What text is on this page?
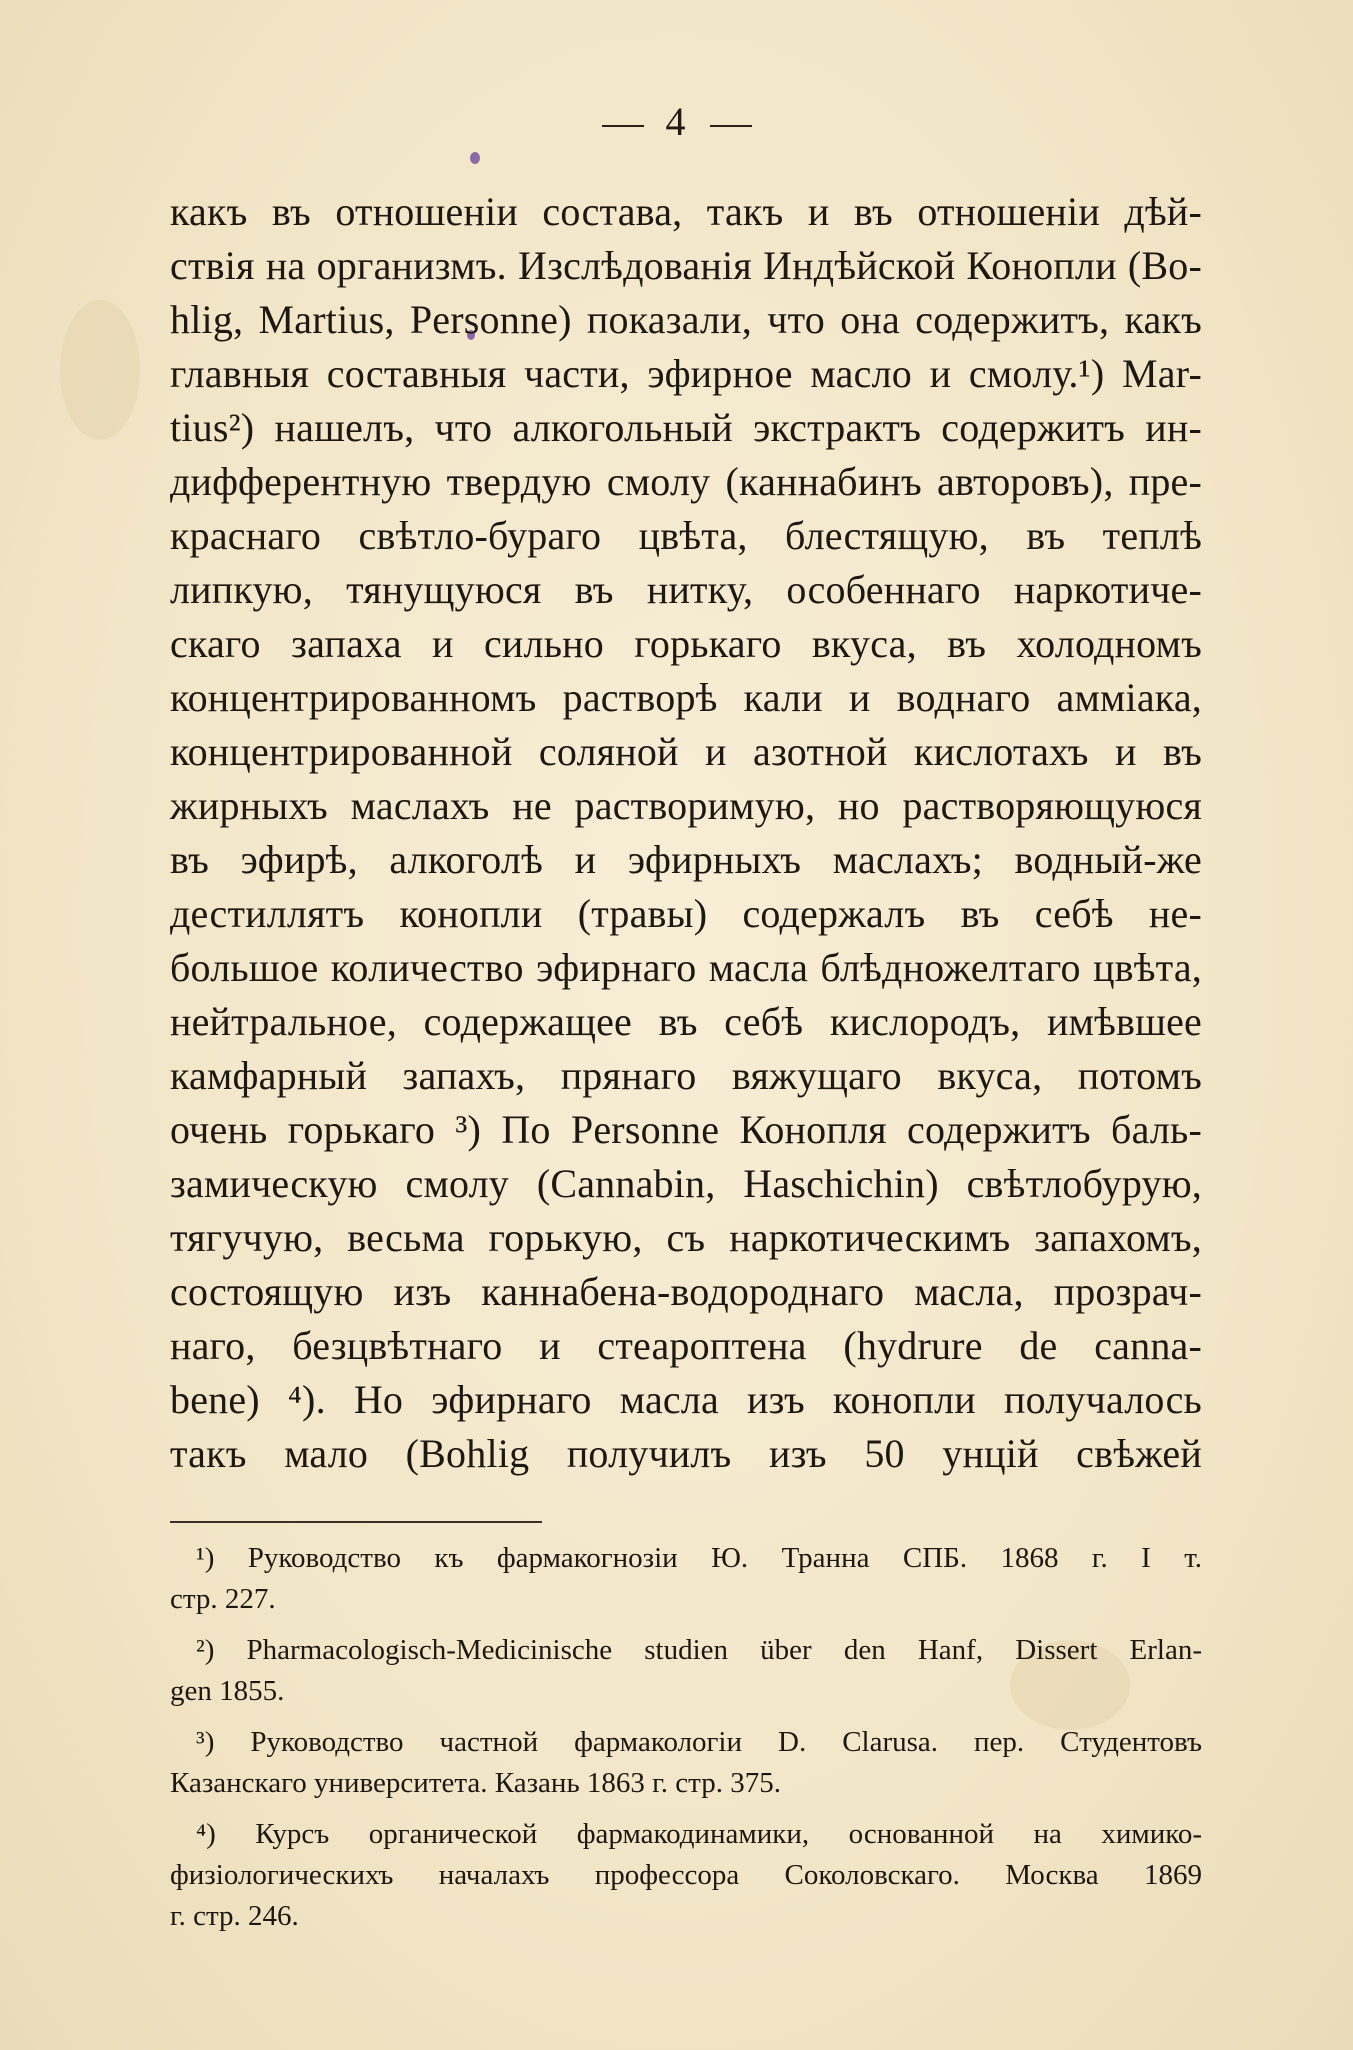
4
какъ въ отношеніи состава, такъ и въ отношеніи дѣй-
ствія на организмъ. Изслѣдованія Индѣйской Конопли (Bo-
hlig, Martius, Personne) показали, что она содержитъ, какъ
главныя составныя части, эфирное масло и смолу.¹) Mar-
tius²) нашелъ, что алкогольный экстрактъ содержитъ ин-
дифферентную твердую смолу (каннабинъ авторовъ), пре-
краснаго свѣтло-бураго цвѣта, блестящую, въ теплѣ
липкую, тянущуюся въ нитку, особеннаго наркотиче-
скаго запаха и сильно горькаго вкуса, въ холодномъ
концентрированномъ растворѣ кали и воднаго амміака,
концентрированной соляной и азотной кислотахъ и въ
жирныхъ маслахъ не растворимую, но растворяющуюся
въ эфирѣ, алкоголѣ и эфирныхъ маслахъ; водный-же
дестиллятъ конопли (травы) содержалъ въ себѣ не-
большое количество эфирнаго масла блѣдножелтаго цвѣта,
нейтральное, содержащее въ себѣ кислородъ, имѣвшее
камфарный запахъ, прянаго вяжущаго вкуса, потомъ
очень горькаго ³) По Personne Конопля содержитъ баль-
замическую смолу (Cannabin, Haschichin) свѣтлобурую,
тягучую, весьма горькую, съ наркотическимъ запахомъ,
состоящую изъ каннабена-водороднаго масла, прозрач-
наго, безцвѣтнаго и стеароптена (hydrure de canna-
bene) ⁴). Но эфирнаго масла изъ конопли получалось
такъ мало (Bohlig получилъ изъ 50 унцій свѣжей
¹) Руководство къ фармакогнозіи Ю. Транна СПБ. 1868 г. I т.
стр. 227.
²) Pharmacologisch-Medicinische studien über den Hanf, Dissert Erlan-
gen 1855.
³) Руководство частной фармакологіи D. Clarusa. пер. Студентовъ
Казанскаго университета. Казань 1863 г. стр. 375.
⁴) Курсъ органической фармакодинамики, основанной на химико-
физіологическихъ началахъ профессора Соколовскаго. Москва 1869
г. стр. 246.
